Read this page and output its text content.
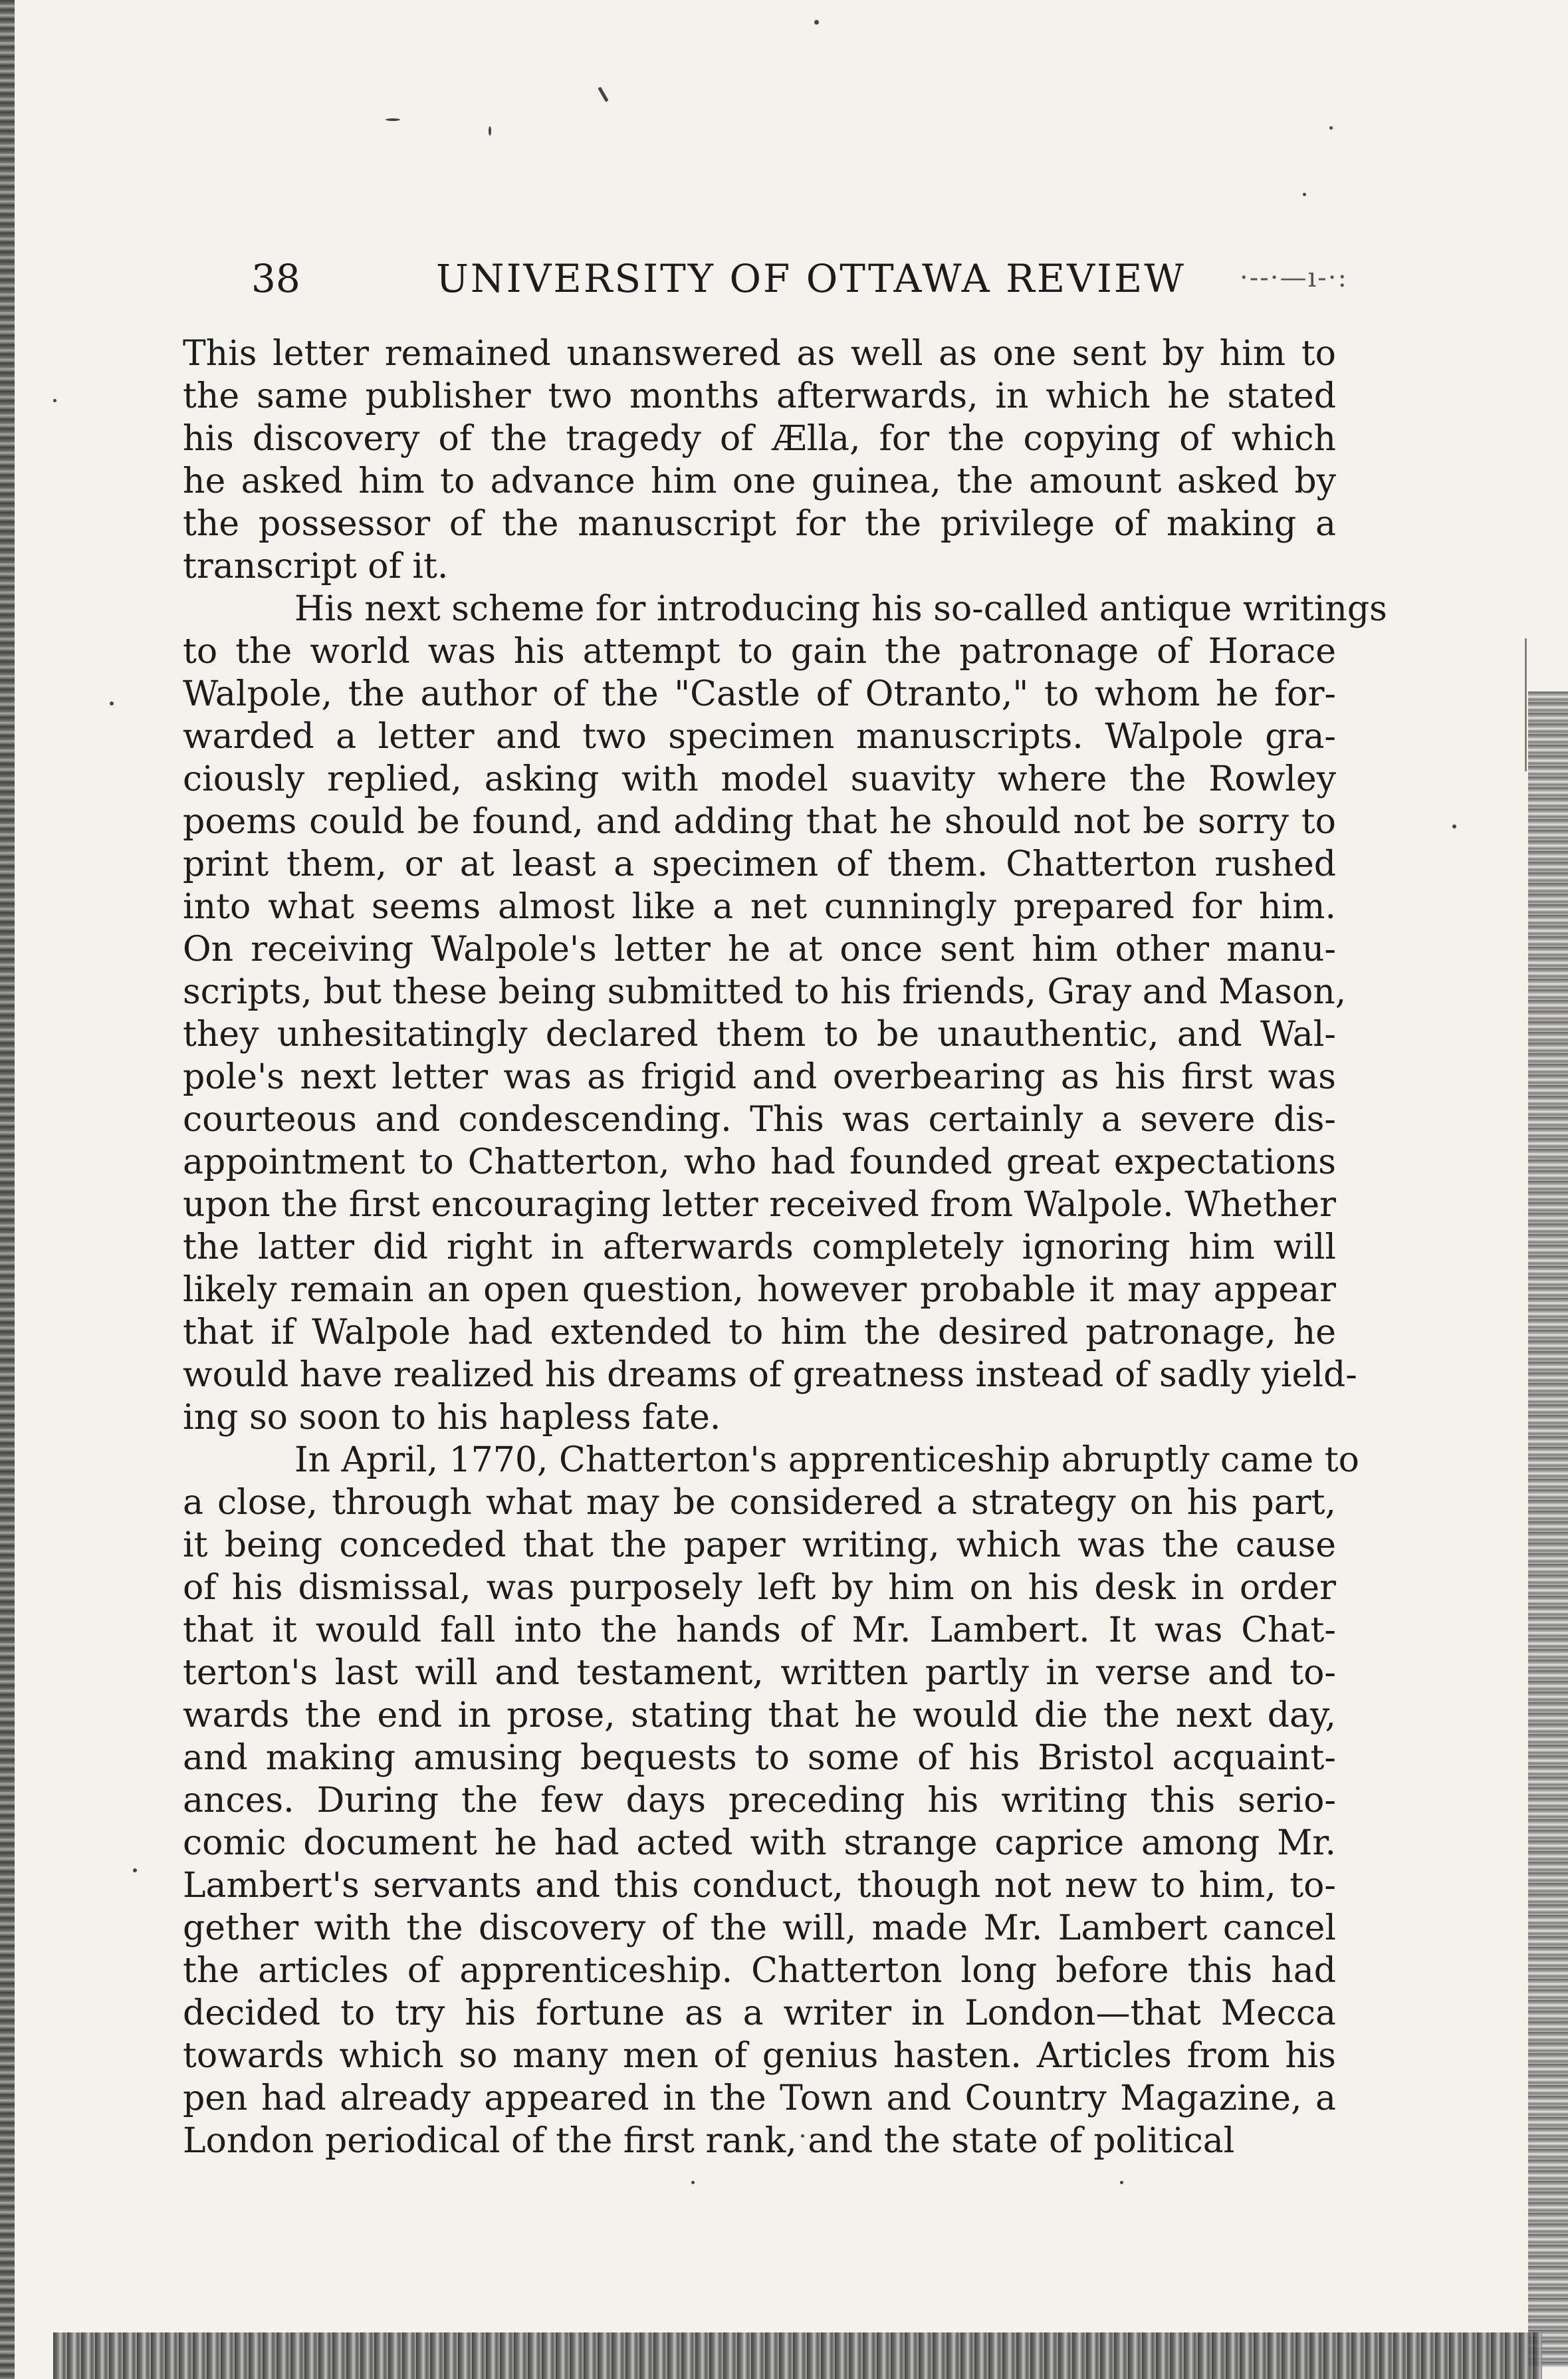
38	UNIVERSITY OF OTTAWA REVIEW ·--·—ı-·:
This letter remained unanswered as well as one sent by him to
the same publisher two months afterwards, in which he stated
his discovery of the tragedy of Ælla, for the copying of which
he asked him to advance him one guinea, the amount asked by
the possessor of the manuscript for the privilege of making a
transcript of it.
His next scheme for introducing his so-called antique writings
to the world was his attempt to gain the patronage of Horace
Walpole, the author of the "Castle of Otranto," to whom he for-
warded a letter and two specimen manuscripts. Walpole gra-
ciously replied, asking with model suavity where the Rowley
poems could be found, and adding that he should not be sorry to
print them, or at least a specimen of them. Chatterton rushed
into what seems almost like a net cunningly prepared for him.
On receiving Walpole's letter he at once sent him other manu-
scripts, but these being submitted to his friends, Gray and Mason,
they unhesitatingly declared them to be unauthentic, and Wal-
pole's next letter was as frigid and overbearing as his first was
courteous and condescending. This was certainly a severe dis-
appointment to Chatterton, who had founded great expectations
upon the first encouraging letter received from Walpole. Whether
the latter did right in afterwards completely ignoring him will
likely remain an open question, however probable it may appear
that if Walpole had extended to him the desired patronage, he
would have realized his dreams of greatness instead of sadly yield-
ing so soon to his hapless fate.
In April, 1770, Chatterton's apprenticeship abruptly came to
a close, through what may be considered a strategy on his part,
it being conceded that the paper writing, which was the cause
of his dismissal, was purposely left by him on his desk in order
that it would fall into the hands of Mr. Lambert. It was Chat-
terton's last will and testament, written partly in verse and to-
wards the end in prose, stating that he would die the next day,
and making amusing bequests to some of his Bristol acquaint-
ances. During the few days preceding his writing this serio-
comic document he had acted with strange caprice among Mr.
Lambert's servants and this conduct, though not new to him, to-
gether with the discovery of the will, made Mr. Lambert cancel
the articles of apprenticeship. Chatterton long before this had
decided to try his fortune as a writer in London—that Mecca
towards which so many men of genius hasten. Articles from his
pen had already appeared in the Town and Country Magazine, a
London periodical of the first rank, and the state of political
